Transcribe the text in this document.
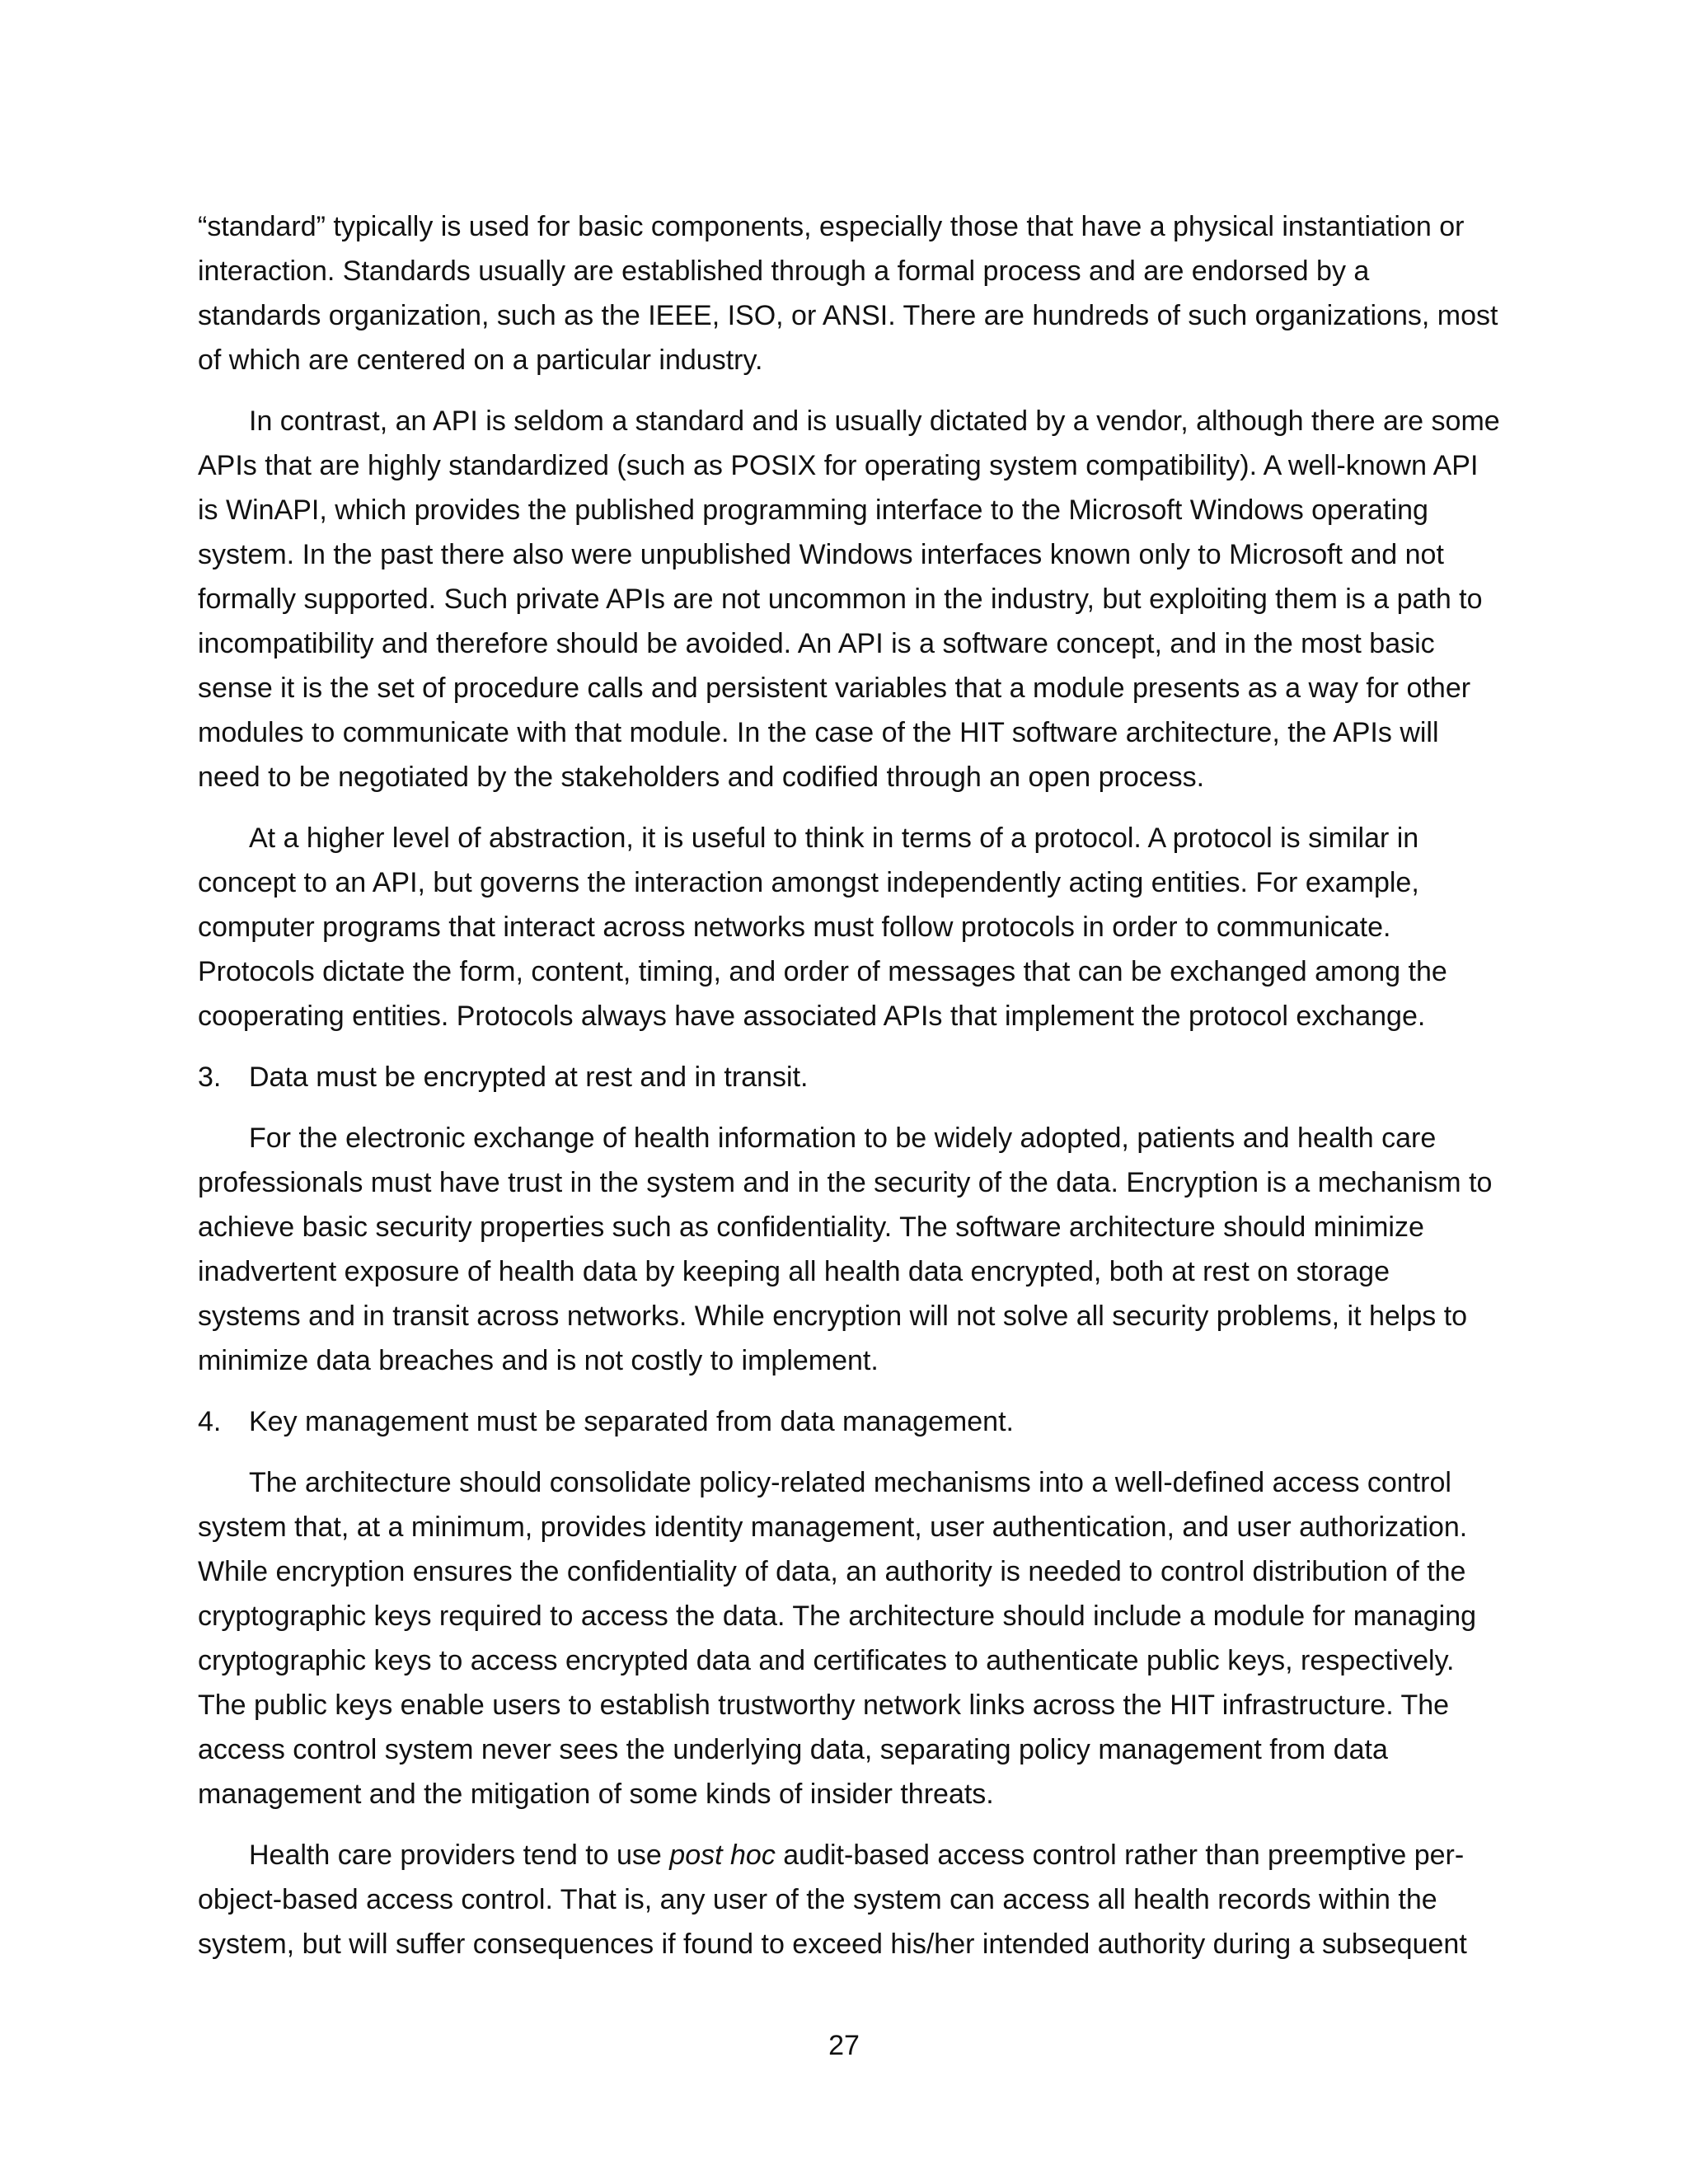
“standard” typically is used for basic components, especially those that have a physical instantiation or interaction. Standards usually are established through a formal process and are endorsed by a standards organization, such as the IEEE, ISO, or ANSI. There are hundreds of such organizations, most of which are centered on a particular industry.

In contrast, an API is seldom a standard and is usually dictated by a vendor, although there are some APIs that are highly standardized (such as POSIX for operating system compatibility). A well-known API is WinAPI, which provides the published programming interface to the Microsoft Windows operating system. In the past there also were unpublished Windows interfaces known only to Microsoft and not formally supported. Such private APIs are not uncommon in the industry, but exploiting them is a path to incompatibility and therefore should be avoided. An API is a software concept, and in the most basic sense it is the set of procedure calls and persistent variables that a module presents as a way for other modules to communicate with that module. In the case of the HIT software architecture, the APIs will need to be negotiated by the stakeholders and codified through an open process.

At a higher level of abstraction, it is useful to think in terms of a protocol. A protocol is similar in concept to an API, but governs the interaction amongst independently acting entities. For example, computer programs that interact across networks must follow protocols in order to communicate. Protocols dictate the form, content, timing, and order of messages that can be exchanged among the cooperating entities. Protocols always have associated APIs that implement the protocol exchange.

3. Data must be encrypted at rest and in transit.

For the electronic exchange of health information to be widely adopted, patients and health care professionals must have trust in the system and in the security of the data. Encryption is a mechanism to achieve basic security properties such as confidentiality. The software architecture should minimize inadvertent exposure of health data by keeping all health data encrypted, both at rest on storage systems and in transit across networks. While encryption will not solve all security problems, it helps to minimize data breaches and is not costly to implement.

4. Key management must be separated from data management.

The architecture should consolidate policy-related mechanisms into a well-defined access control system that, at a minimum, provides identity management, user authentication, and user authorization. While encryption ensures the confidentiality of data, an authority is needed to control distribution of the cryptographic keys required to access the data. The architecture should include a module for managing cryptographic keys to access encrypted data and certificates to authenticate public keys, respectively. The public keys enable users to establish trustworthy network links across the HIT infrastructure. The access control system never sees the underlying data, separating policy management from data management and the mitigation of some kinds of insider threats.

Health care providers tend to use post hoc audit-based access control rather than preemptive per-object-based access control. That is, any user of the system can access all health records within the system, but will suffer consequences if found to exceed his/her intended authority during a subsequent

27
